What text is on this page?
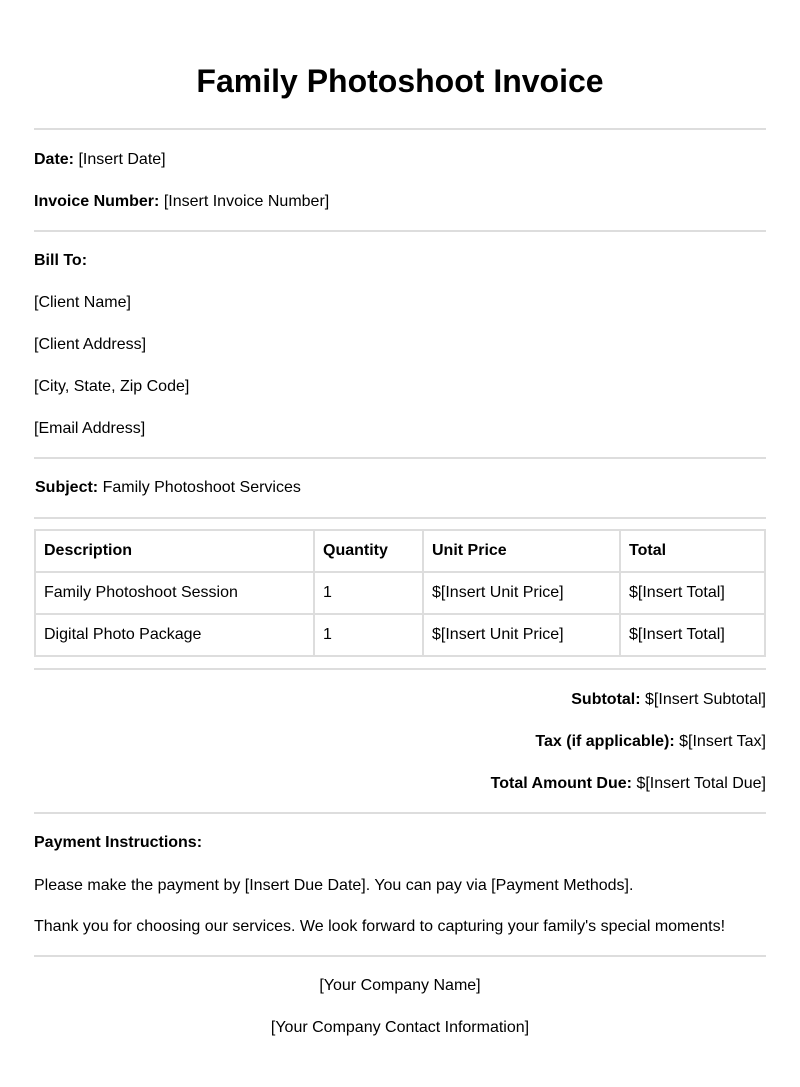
Family Photoshoot Invoice

Date: [Insert Date]

Invoice Number: [Insert Invoice Number]

Bill To:

[Client Name]

[Client Address]

[City, State, Zip Code]

[Email Address]

Subject: Family Photoshoot Services

Description	Quantity	Unit Price	Total
Family Photoshoot Session	1	$[Insert Unit Price]	$[Insert Total]
Digital Photo Package	1	$[Insert Unit Price]	$[Insert Total]

Subtotal: $[Insert Subtotal]

Tax (if applicable): $[Insert Tax]

Total Amount Due: $[Insert Total Due]

Payment Instructions:

Please make the payment by [Insert Due Date]. You can pay via [Payment Methods].

Thank you for choosing our services. We look forward to capturing your family's special moments!

[Your Company Name]

[Your Company Contact Information]
